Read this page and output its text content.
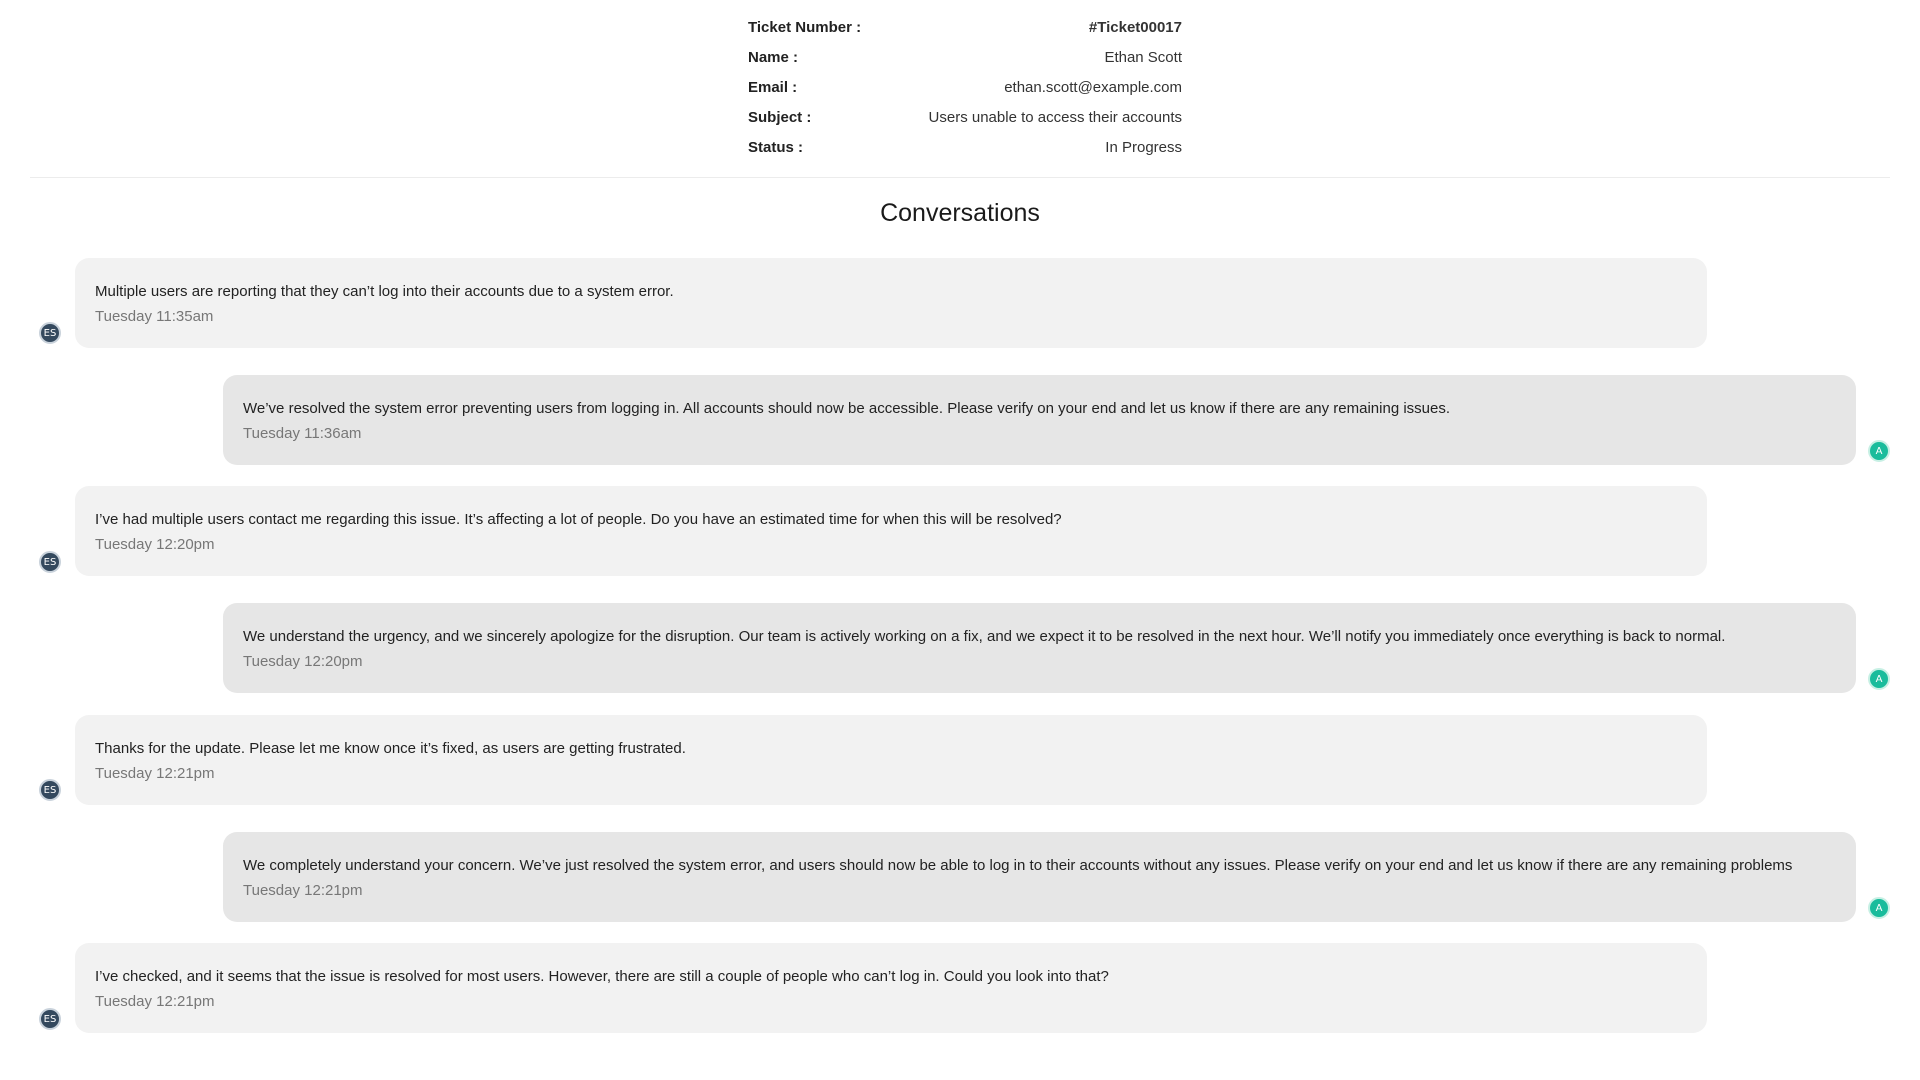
Ticket Number :	#Ticket00017
Name :	Ethan Scott
Email :	ethan.scott@example.com
Subject :	Users unable to access their accounts
Status :	In Progress
Conversations
Multiple users are reporting that they can’t log into their accounts due to a system error.
Tuesday 11:35am
ES
We’ve resolved the system error preventing users from logging in. All accounts should now be accessible. Please verify on your end and let us know if there are any remaining issues.
Tuesday 11:36am
A
I’ve had multiple users contact me regarding this issue. It’s affecting a lot of people. Do you have an estimated time for when this will be resolved?
Tuesday 12:20pm
ES
We understand the urgency, and we sincerely apologize for the disruption. Our team is actively working on a fix, and we expect it to be resolved in the next hour. We’ll notify you immediately once everything is back to normal.
Tuesday 12:20pm
A
Thanks for the update. Please let me know once it’s fixed, as users are getting frustrated.
Tuesday 12:21pm
ES
We completely understand your concern. We’ve just resolved the system error, and users should now be able to log in to their accounts without any issues. Please verify on your end and let us know if there are any remaining problems
Tuesday 12:21pm
A
I’ve checked, and it seems that the issue is resolved for most users. However, there are still a couple of people who can’t log in. Could you look into that?
Tuesday 12:21pm
ES
